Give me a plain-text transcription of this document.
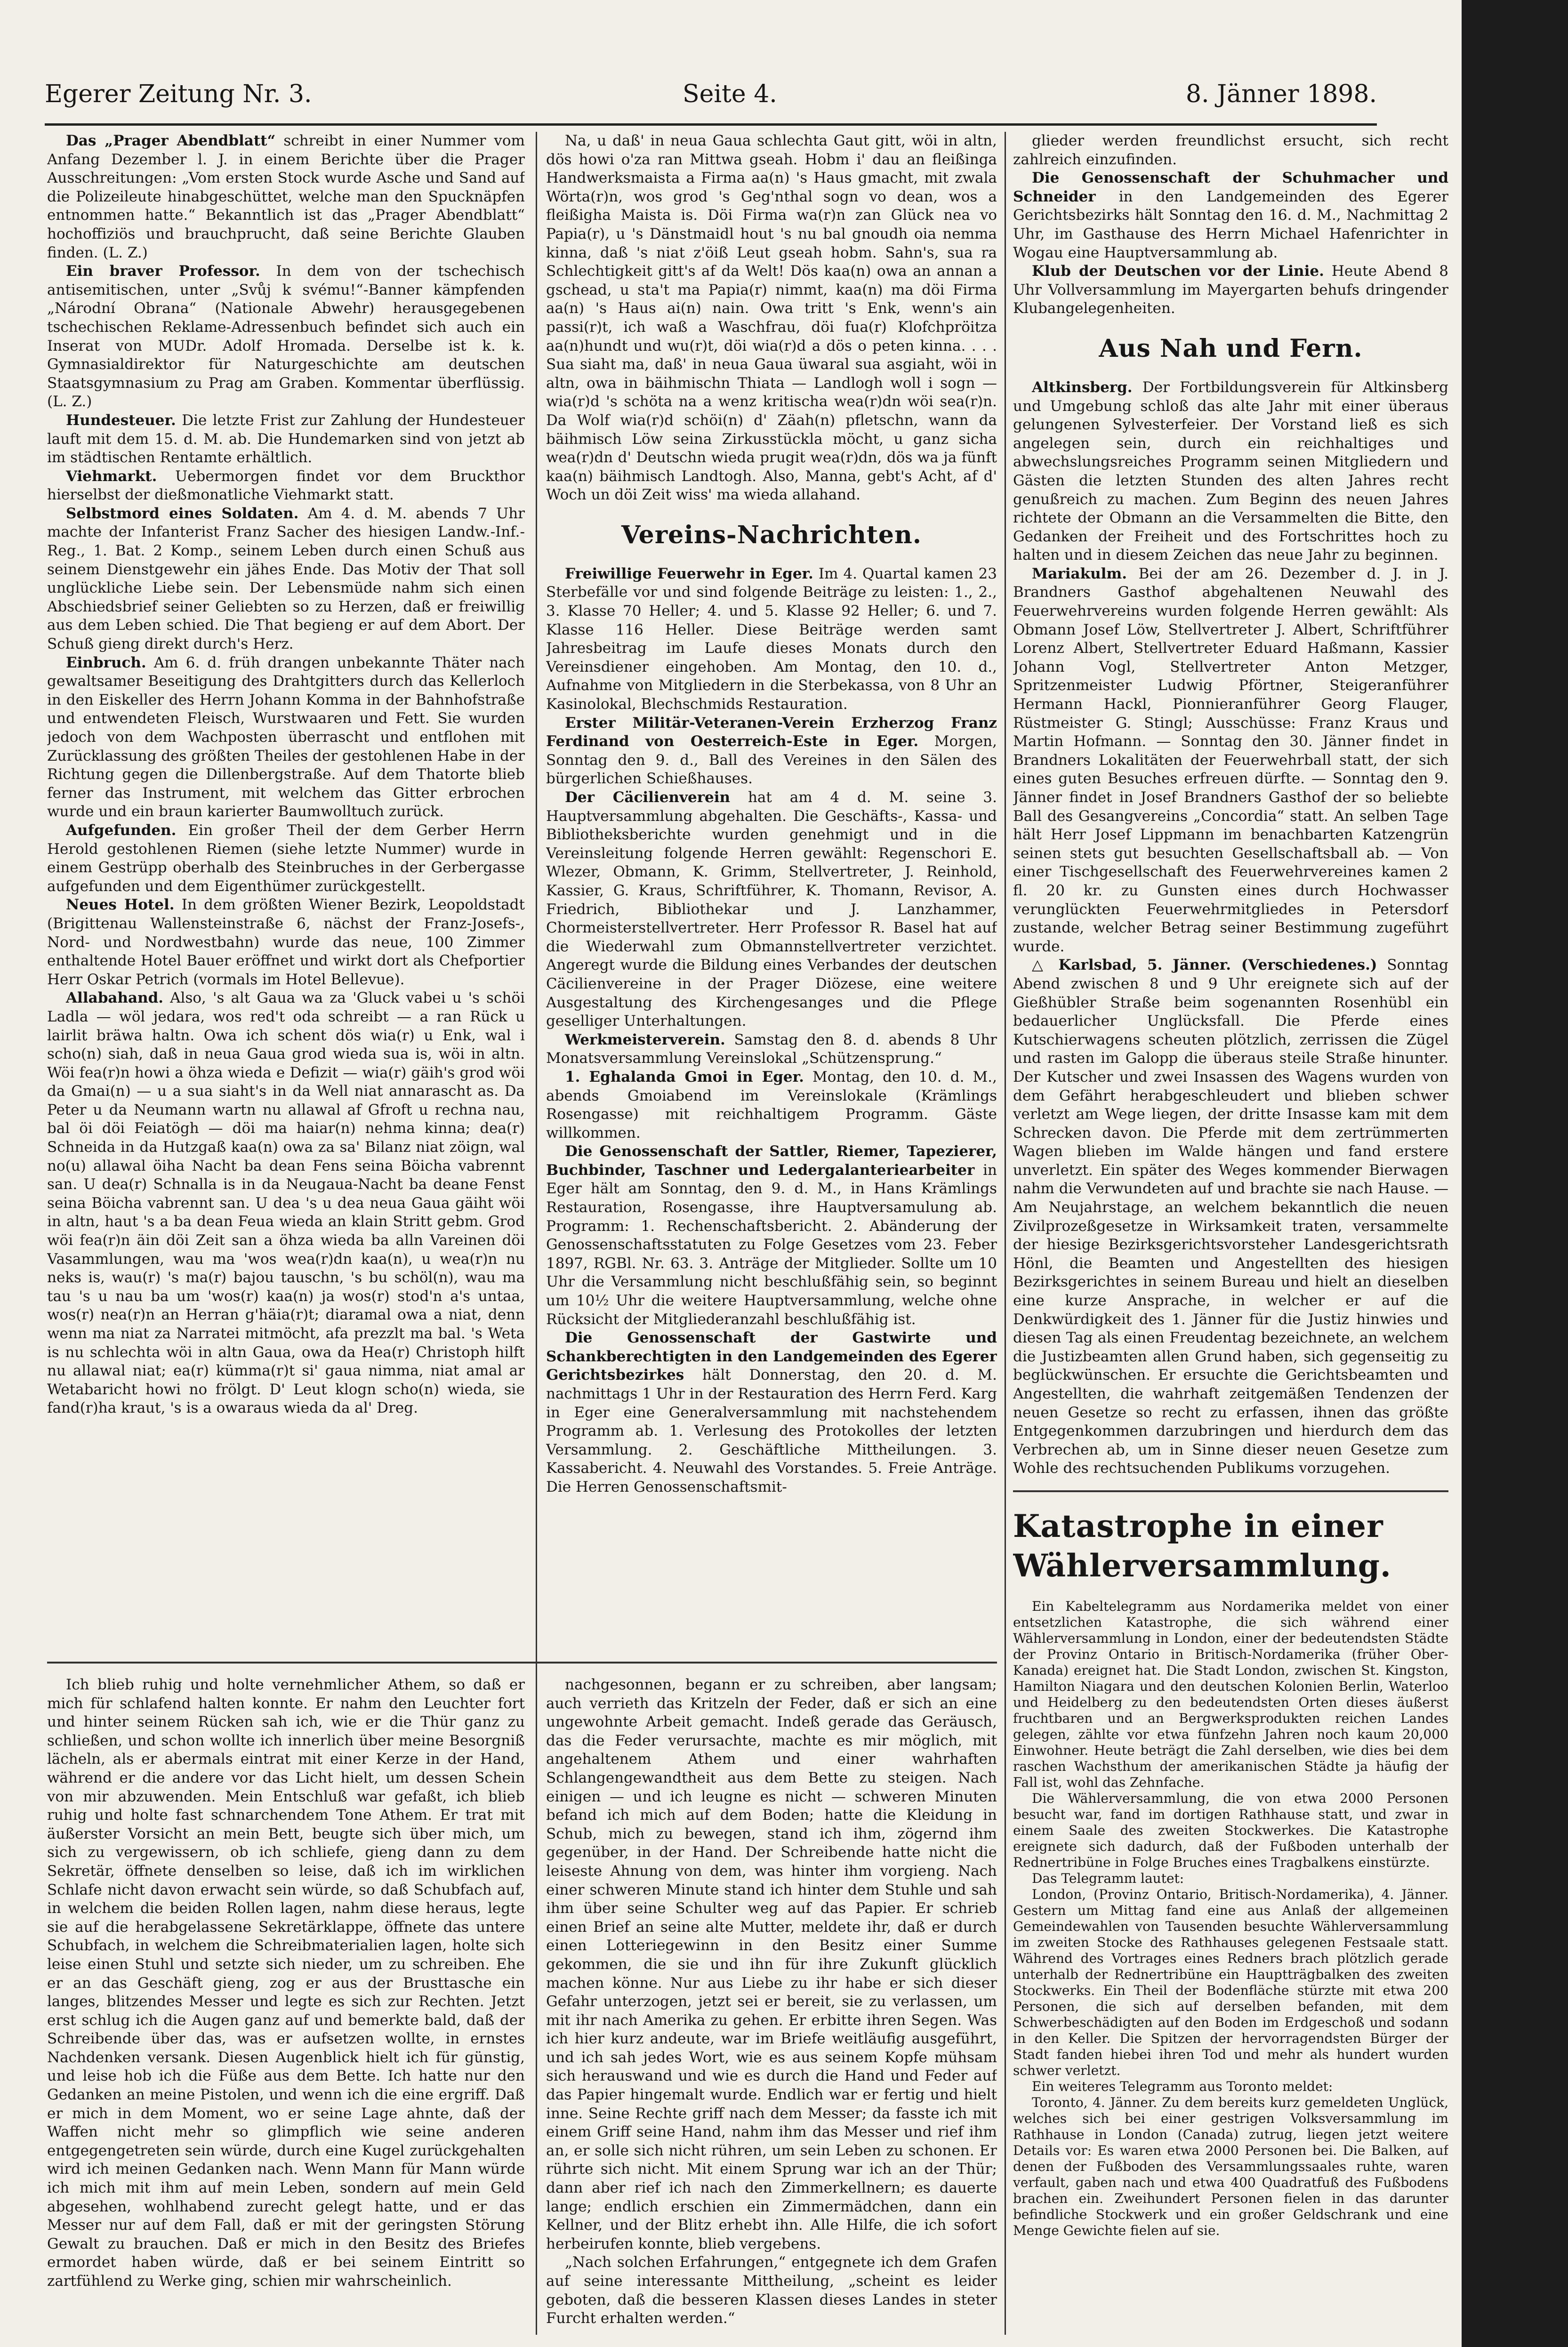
Egerer Zeitung Nr. 3.	Seite 4.	8. Jänner 1898.

Das „Prager Abendblatt“ schreibt in einer Nummer vom Anfang Dezember l. J. in einem Berichte über die Prager Ausschreitungen: „Vom ersten Stock wurde Asche und Sand auf die Polizeileute hinabgeschüttet, welche man den Spucknäpfen entnommen hatte.“ Bekanntlich ist das „Prager Abendblatt“ hochoffiziös und brauchprucht, daß seine Berichte Glauben finden. (L. Z.)

Ein braver Professor. In dem von der tschechisch antisemitischen, unter „Svůj k svému!“-Banner kämpfenden „Národní Obrana“ (Nationale Abwehr) herausgegebenen tschechischen Reklame-Adressenbuch befindet sich auch ein Inserat von MUDr. Adolf Hromada. Derselbe ist k. k. Gymnasialdirektor für Naturgeschichte am deutschen Staatsgymnasium zu Prag am Graben. Kommentar überflüssig. (L. Z.)

Hundesteuer. Die letzte Frist zur Zahlung der Hundesteuer lauft mit dem 15. d. M. ab. Die Hundemarken sind von jetzt ab im städtischen Rentamte erhältlich.

Viehmarkt. Uebermorgen findet vor dem Bruckthor hierselbst der dießmonatliche Viehmarkt statt.

Selbstmord eines Soldaten. Am 4. d. M. abends 7 Uhr machte der Infanterist Franz Sacher des hiesigen Landw.-Inf.-Reg., 1. Bat. 2 Komp., seinem Leben durch einen Schuß aus seinem Dienstgewehr ein jähes Ende. Das Motiv der That soll unglückliche Liebe sein. Der Lebensmüde nahm sich einen Abschiedsbrief seiner Geliebten so zu Herzen, daß er freiwillig aus dem Leben schied. Die That begieng er auf dem Abort. Der Schuß gieng direkt durch's Herz.

Einbruch. Am 6. d. früh drangen unbekannte Thäter nach gewaltsamer Beseitigung des Drahtgitters durch das Kellerloch in den Eiskeller des Herrn Johann Komma in der Bahnhofstraße und entwendeten Fleisch, Wurstwaaren und Fett. Sie wurden jedoch von dem Wachposten überrascht und entflohen mit Zurücklassung des größten Theiles der gestohlenen Habe in der Richtung gegen die Dillenbergstraße. Auf dem Thatorte blieb ferner das Instrument, mit welchem das Gitter erbrochen wurde und ein braun karierter Baumwolltuch zurück.

Aufgefunden. Ein großer Theil der dem Gerber Herrn Herold gestohlenen Riemen (siehe letzte Nummer) wurde in einem Gestrüpp oberhalb des Steinbruches in der Gerbergasse aufgefunden und dem Eigenthümer zurückgestellt.

Neues Hotel. In dem größten Wiener Bezirk, Leopoldstadt (Brigittenau Wallensteinstraße 6, nächst der Franz-Josefs-, Nord- und Nordwestbahn) wurde das neue, 100 Zimmer enthaltende Hotel Bauer eröffnet und wirkt dort als Chefportier Herr Oskar Petrich (vormals im Hotel Bellevue).

Allabahand. Also, 's alt Gaua wa za 'Gluck vabei u 's schöi Ladla — wöl jedara, wos red't oda schreibt — a ran Rück u lairlit bräwa haltn. Owa ich schent dös wia(r) u Enk, wal i scho(n) siah, daß in neua Gaua grod wieda sua is, wöi in altn. Wöi fea(r)n howi a öhza wieda e Defizit — wia(r) gäih's grod wöi da Gmai(n) — u a sua siaht's in da Well niat annarascht as. Da Peter u da Neumann wartn nu allawal af Gfroft u rechna nau, bal öi döi Feiatögh — döi ma haiar(n) nehma kinna; dea(r) Schneida in da Hutzgaß kaa(n) owa za sa' Bilanz niat zöign, wal no(u) allawal öiha Nacht ba dean Fens seina Böicha vabrennt san. U dea(r) Schnalla is in da Neugaua-Nacht ba deane Fenst seina Böicha vabrennt san. U dea 's u dea neua Gaua gäiht wöi in altn, haut 's a ba dean Feua wieda an klain Stritt gebm. Grod wöi fea(r)n äin döi Zeit san a öhza wieda ba alln Vareinen döi Vasammlungen, wau ma 'wos wea(r)dn kaa(n), u wea(r)n nu neks is, wau(r) 's ma(r) bajou tauschn, 's bu schöl(n), wau ma tau 's u nau ba um 'wos(r) kaa(n) ja wos(r) stod'n a's untaa, wos(r) nea(r)n an Herran g'häia(r)t; diaramal owa a niat, denn wenn ma niat za Narratei mitmöcht, afa prezzlt ma bal. 's Weta is nu schlechta wöi in altn Gaua, owa da Hea(r) Christoph hilft nu allawal niat; ea(r) kümma(r)t si' gaua nimma, niat amal ar Wetabaricht howi no frölgt. D' Leut klogn scho(n) wieda, sie fand(r)ha kraut, 's is a owaraus wieda da al' Dreg.

Na, u daß' in neua Gaua schlechta Gaut gitt, wöi in altn, dös howi o'za ran Mittwa gseah. Hobm i' dau an fleißinga Handwerksmaista a Firma aa(n) 's Haus gmacht, mit zwala Wörta(r)n, wos grod 's Geg'nthal sogn vo dean, wos a fleißigha Maista is. Döi Firma wa(r)n zan Glück nea vo Papia(r), u 's Dänstmaidl hout 's nu bal gnoudh oia nemma kinna, daß 's niat z'öiß Leut gseah hobm. Sahn's, sua ra Schlechtigkeit gitt's af da Welt! Dös kaa(n) owa an annan a gschead, u sta't ma Papia(r) nimmt, kaa(n) ma döi Firma aa(n) 's Haus ai(n) nain. Owa tritt 's Enk, wenn's ain passi(r)t, ich waß a Waschfrau, döi fua(r) Klofchpröitza aa(n)hundt und wu(r)t, döi wia(r)d a dös o peten kinna. . . . Sua siaht ma, daß' in neua Gaua üwaral sua asgiaht, wöi in altn, owa in bäihmischn Thiata — Landlogh woll i sogn — wia(r)d 's schöta na a wenz kritischa wea(r)dn wöi sea(r)n. Da Wolf wia(r)d schöi(n) d' Zäah(n) pfletschn, wann da bäihmisch Löw seina Zirkusstückla möcht, u ganz sicha wea(r)dn d' Deutschn wieda prugit wea(r)dn, dös wa ja fünft kaa(n) bäihmisch Landtogh. Also, Manna, gebt's Acht, af d' Woch un döi Zeit wiss' ma wieda allahand.

Vereins-Nachrichten.

Freiwillige Feuerwehr in Eger. Im 4. Quartal kamen 23 Sterbefälle vor und sind folgende Beiträge zu leisten: 1., 2., 3. Klasse 70 Heller; 4. und 5. Klasse 92 Heller; 6. und 7. Klasse 116 Heller. Diese Beiträge werden samt Jahresbeitrag im Laufe dieses Monats durch den Vereinsdiener eingehoben. Am Montag, den 10. d., Aufnahme von Mitgliedern in die Sterbekassa, von 8 Uhr an Kasinolokal, Blechschmids Restauration.

Erster Militär-Veteranen-Verein Erzherzog Franz Ferdinand von Oesterreich-Este in Eger. Morgen, Sonntag den 9. d., Ball des Vereines in den Sälen des bürgerlichen Schießhauses.

Der Cäcilienverein hat am 4 d. M. seine 3. Hauptversammlung abgehalten. Die Geschäfts-, Kassa- und Bibliotheksberichte wurden genehmigt und in die Vereinsleitung folgende Herren gewählt: Regenschori E. Wlezer, Obmann, K. Grimm, Stellvertreter, J. Reinhold, Kassier, G. Kraus, Schriftführer, K. Thomann, Revisor, A. Friedrich, Bibliothekar und J. Lanzhammer, Chormeisterstellvertreter. Herr Professor R. Basel hat auf die Wiederwahl zum Obmannstellvertreter verzichtet. Angeregt wurde die Bildung eines Verbandes der deutschen Cäcilienvereine in der Prager Diözese, eine weitere Ausgestaltung des Kirchengesanges und die Pflege geselliger Unterhaltungen.

Werkmeisterverein. Samstag den 8. d. abends 8 Uhr Monatsversammlung Vereinslokal „Schützensprung.“

1. Eghalanda Gmoi in Eger. Montag, den 10. d. M., abends Gmoiabend im Vereinslokale (Krämlings Rosengasse) mit reichhaltigem Programm. Gäste willkommen.

Die Genossenschaft der Sattler, Riemer, Tapezierer, Buchbinder, Taschner und Ledergalanteriearbeiter in Eger hält am Sonntag, den 9. d. M., in Hans Krämlings Restauration, Rosengasse, ihre Hauptversamulung ab. Programm: 1. Rechenschaftsbericht. 2. Abänderung der Genossenschaftsstatuten zu Folge Gesetzes vom 23. Feber 1897, RGBl. Nr. 63. 3. Anträge der Mitglieder. Sollte um 10 Uhr die Versammlung nicht beschlußfähig sein, so beginnt um 10½ Uhr die weitere Hauptversammlung, welche ohne Rücksicht der Mitgliederanzahl beschlußfähig ist.

Die Genossenschaft der Gastwirte und Schankberechtigten in den Landgemeinden des Egerer Gerichtsbezirkes hält Donnerstag, den 20. d. M. nachmittags 1 Uhr in der Restauration des Herrn Ferd. Karg in Eger eine Generalversammlung mit nachstehendem Programm ab. 1. Verlesung des Protokolles der letzten Versammlung. 2. Geschäftliche Mittheilungen. 3. Kassabericht. 4. Neuwahl des Vorstandes. 5. Freie Anträge. Die Herren Genossenschaftsmit-

glieder werden freundlichst ersucht, sich recht zahlreich einzufinden.

Die Genossenschaft der Schuhmacher und Schneider in den Landgemeinden des Egerer Gerichtsbezirks hält Sonntag den 16. d. M., Nachmittag 2 Uhr, im Gasthause des Herrn Michael Hafenrichter in Wogau eine Hauptversammlung ab.

Klub der Deutschen vor der Linie. Heute Abend 8 Uhr Vollversammlung im Mayergarten behufs dringender Klubangelegenheiten.

Aus Nah und Fern.

Altkinsberg. Der Fortbildungsverein für Altkinsberg und Umgebung schloß das alte Jahr mit einer überaus gelungenen Sylvesterfeier. Der Vorstand ließ es sich angelegen sein, durch ein reichhaltiges und abwechslungsreiches Programm seinen Mitgliedern und Gästen die letzten Stunden des alten Jahres recht genußreich zu machen. Zum Beginn des neuen Jahres richtete der Obmann an die Versammelten die Bitte, den Gedanken der Freiheit und des Fortschrittes hoch zu halten und in diesem Zeichen das neue Jahr zu beginnen.

Mariakulm. Bei der am 26. Dezember d. J. in J. Brandners Gasthof abgehaltenen Neuwahl des Feuerwehrvereins wurden folgende Herren gewählt: Als Obmann Josef Löw, Stellvertreter J. Albert, Schriftführer Lorenz Albert, Stellvertreter Eduard Haßmann, Kassier Johann Vogl, Stellvertreter Anton Metzger, Spritzenmeister Ludwig Pförtner, Steigeranführer Hermann Hackl, Pionnieranführer Georg Flauger, Rüstmeister G. Stingl; Ausschüsse: Franz Kraus und Martin Hofmann. — Sonntag den 30. Jänner findet in Brandners Lokalitäten der Feuerwehrball statt, der sich eines guten Besuches erfreuen dürfte. — Sonntag den 9. Jänner findet in Josef Brandners Gasthof der so beliebte Ball des Gesangvereins „Concordia“ statt. An selben Tage hält Herr Josef Lippmann im benachbarten Katzengrün seinen stets gut besuchten Gesellschaftsball ab. — Von einer Tischgesellschaft des Feuerwehrvereines kamen 2 fl. 20 kr. zu Gunsten eines durch Hochwasser verunglückten Feuerwehrmitgliedes in Petersdorf zustande, welcher Betrag seiner Bestimmung zugeführt wurde.

△ Karlsbad, 5. Jänner. (Verschiedenes.) Sonntag Abend zwischen 8 und 9 Uhr ereignete sich auf der Gießhübler Straße beim sogenannten Rosenhübl ein bedauerlicher Unglücksfall. Die Pferde eines Kutschierwagens scheuten plötzlich, zerrissen die Zügel und rasten im Galopp die überaus steile Straße hinunter. Der Kutscher und zwei Insassen des Wagens wurden von dem Gefährt herabgeschleudert und blieben schwer verletzt am Wege liegen, der dritte Insasse kam mit dem Schrecken davon. Die Pferde mit dem zertrümmerten Wagen blieben im Walde hängen und fand erstere unverletzt. Ein später des Weges kommender Bierwagen nahm die Verwundeten auf und brachte sie nach Hause. — Am Neujahrstage, an welchem bekanntlich die neuen Zivilprozeßgesetze in Wirksamkeit traten, versammelte der hiesige Bezirksgerichtsvorsteher Landesgerichtsrath Hönl, die Beamten und Angestellten des hiesigen Bezirksgerichtes in seinem Bureau und hielt an dieselben eine kurze Ansprache, in welcher er auf die Denkwürdigkeit des 1. Jänner für die Justiz hinwies und diesen Tag als einen Freudentag bezeichnete, an welchem die Justizbeamten allen Grund haben, sich gegenseitig zu beglückwünschen. Er ersuchte die Gerichtsbeamten und Angestellten, die wahrhaft zeitgemäßen Tendenzen der neuen Gesetze so recht zu erfassen, ihnen das größte Entgegenkommen darzubringen und hierdurch dem das Verbrechen ab, um in Sinne dieser neuen Gesetze zum Wohle des rechtsuchenden Publikums vorzugehen.

Katastrophe in einer Wählerversammlung.

Ein Kabeltelegramm aus Nordamerika meldet von einer entsetzlichen Katastrophe, die sich während einer Wählerversammlung in London, einer der bedeutendsten Städte der Provinz Ontario in Britisch-Nordamerika (früher Ober-Kanada) ereignet hat. Die Stadt London, zwischen St. Kingston, Hamilton Niagara und den deutschen Kolonien Berlin, Waterloo und Heidelberg zu den bedeutendsten Orten dieses äußerst fruchtbaren und an Bergwerksprodukten reichen Landes gelegen, zählte vor etwa fünfzehn Jahren noch kaum 20,000 Einwohner. Heute beträgt die Zahl derselben, wie dies bei dem raschen Wachsthum der amerikanischen Städte ja häufig der Fall ist, wohl das Zehnfache.

Die Wählerversammlung, die von etwa 2000 Personen besucht war, fand im dortigen Rathhause statt, und zwar in einem Saale des zweiten Stockwerkes. Die Katastrophe ereignete sich dadurch, daß der Fußboden unterhalb der Rednertribüne in Folge Bruches eines Tragbalkens einstürzte.

Das Telegramm lautet:

London, (Provinz Ontario, Britisch-Nordamerika), 4. Jänner. Gestern um Mittag fand eine aus Anlaß der allgemeinen Gemeindewahlen von Tausenden besuchte Wählerversammlung im zweiten Stocke des Rathhauses gelegenen Festsaale statt. Während des Vortrages eines Redners brach plötzlich gerade unterhalb der Rednertribüne ein Hauptträgbalken des zweiten Stockwerks. Ein Theil der Bodenfläche stürzte mit etwa 200 Personen, die sich auf derselben befanden, mit dem Schwerbeschädigten auf den Boden im Erdgeschoß und sodann in den Keller. Die Spitzen der hervorragendsten Bürger der Stadt fanden hiebei ihren Tod und mehr als hundert wurden schwer verletzt.

Ein weiteres Telegramm aus Toronto meldet:

Toronto, 4. Jänner. Zu dem bereits kurz gemeldeten Unglück, welches sich bei einer gestrigen Volksversammlung im Rathhause in London (Canada) zutrug, liegen jetzt weitere Details vor: Es waren etwa 2000 Personen bei. Die Balken, auf denen der Fußboden des Versammlungssaales ruhte, waren verfault, gaben nach und etwa 400 Quadratfuß des Fußbodens brachen ein. Zweihundert Personen fielen in das darunter befindliche Stockwerk und ein großer Geldschrank und eine Menge Gewichte fielen auf sie.

Ich blieb ruhig und holte vernehmlicher Athem, so daß er mich für schlafend halten konnte. Er nahm den Leuchter fort und hinter seinem Rücken sah ich, wie er die Thür ganz zu schließen, und schon wollte ich innerlich über meine Besorgniß lächeln, als er abermals eintrat mit einer Kerze in der Hand, während er die andere vor das Licht hielt, um dessen Schein von mir abzuwenden. Mein Entschluß war gefaßt, ich blieb ruhig und holte fast schnarchendem Tone Athem. Er trat mit äußerster Vorsicht an mein Bett, beugte sich über mich, um sich zu vergewissern, ob ich schliefe, gieng dann zu dem Sekretär, öffnete denselben so leise, daß ich im wirklichen Schlafe nicht davon erwacht sein würde, so daß Schubfach auf, in welchem die beiden Rollen lagen, nahm diese heraus, legte sie auf die herabgelassene Sekretärklappe, öffnete das untere Schubfach, in welchem die Schreibmaterialien lagen, holte sich leise einen Stuhl und setzte sich nieder, um zu schreiben. Ehe er an das Geschäft gieng, zog er aus der Brusttasche ein langes, blitzendes Messer und legte es sich zur Rechten. Jetzt erst schlug ich die Augen ganz auf und bemerkte bald, daß der Schreibende über das, was er aufsetzen wollte, in ernstes Nachdenken versank. Diesen Augenblick hielt ich für günstig, und leise hob ich die Füße aus dem Bette. Ich hatte nur den Gedanken an meine Pistolen, und wenn ich die eine ergriff. Daß er mich in dem Moment, wo er seine Lage ahnte, daß der Waffen nicht mehr so glimpflich wie seine anderen entgegengetreten sein würde, durch eine Kugel zurückgehalten wird ich meinen Gedanken nach. Wenn Mann für Mann würde ich mich mit ihm auf mein Leben, sondern auf mein Geld abgesehen, wohlhabend zurecht gelegt hatte, und er das Messer nur auf dem Fall, daß er mit der geringsten Störung Gewalt zu brauchen. Daß er mich in den Besitz des Briefes ermordet haben würde, daß er bei seinem Eintritt so zartfühlend zu Werke ging, schien mir wahrscheinlich.

nachgesonnen, begann er zu schreiben, aber langsam; auch verrieth das Kritzeln der Feder, daß er sich an eine ungewohnte Arbeit gemacht. Indeß gerade das Geräusch, das die Feder verursachte, machte es mir möglich, mit angehaltenem Athem und einer wahrhaften Schlangengewandtheit aus dem Bette zu steigen. Nach einigen — und ich leugne es nicht — schweren Minuten befand ich mich auf dem Boden; hatte die Kleidung in Schub, mich zu bewegen, stand ich ihm, zögernd ihm gegenüber, in der Hand. Der Schreibende hatte nicht die leiseste Ahnung von dem, was hinter ihm vorgieng. Nach einer schweren Minute stand ich hinter dem Stuhle und sah ihm über seine Schulter weg auf das Papier. Er schrieb einen Brief an seine alte Mutter, meldete ihr, daß er durch einen Lotteriegewinn in den Besitz einer Summe gekommen, die sie und ihn für ihre Zukunft glücklich machen könne. Nur aus Liebe zu ihr habe er sich dieser Gefahr unterzogen, jetzt sei er bereit, sie zu verlassen, um mit ihr nach Amerika zu gehen. Er erbitte ihren Segen. Was ich hier kurz andeute, war im Briefe weitläufig ausgeführt, und ich sah jedes Wort, wie es aus seinem Kopfe mühsam sich herauswand und wie es durch die Hand und Feder auf das Papier hingemalt wurde. Endlich war er fertig und hielt inne. Seine Rechte griff nach dem Messer; da fasste ich mit einem Griff seine Hand, nahm ihm das Messer und rief ihm an, er solle sich nicht rühren, um sein Leben zu schonen. Er rührte sich nicht. Mit einem Sprung war ich an der Thür; dann aber rief ich nach den Zimmerkellnern; es dauerte lange; endlich erschien ein Zimmermädchen, dann ein Kellner, und der Blitz erhebt ihn. Alle Hilfe, die ich sofort herbeirufen konnte, blieb vergebens.

„Nach solchen Erfahrungen,“ entgegnete ich dem Grafen auf seine interessante Mittheilung, „scheint es leider geboten, daß die besseren Klassen dieses Landes in steter Furcht erhalten werden.“
